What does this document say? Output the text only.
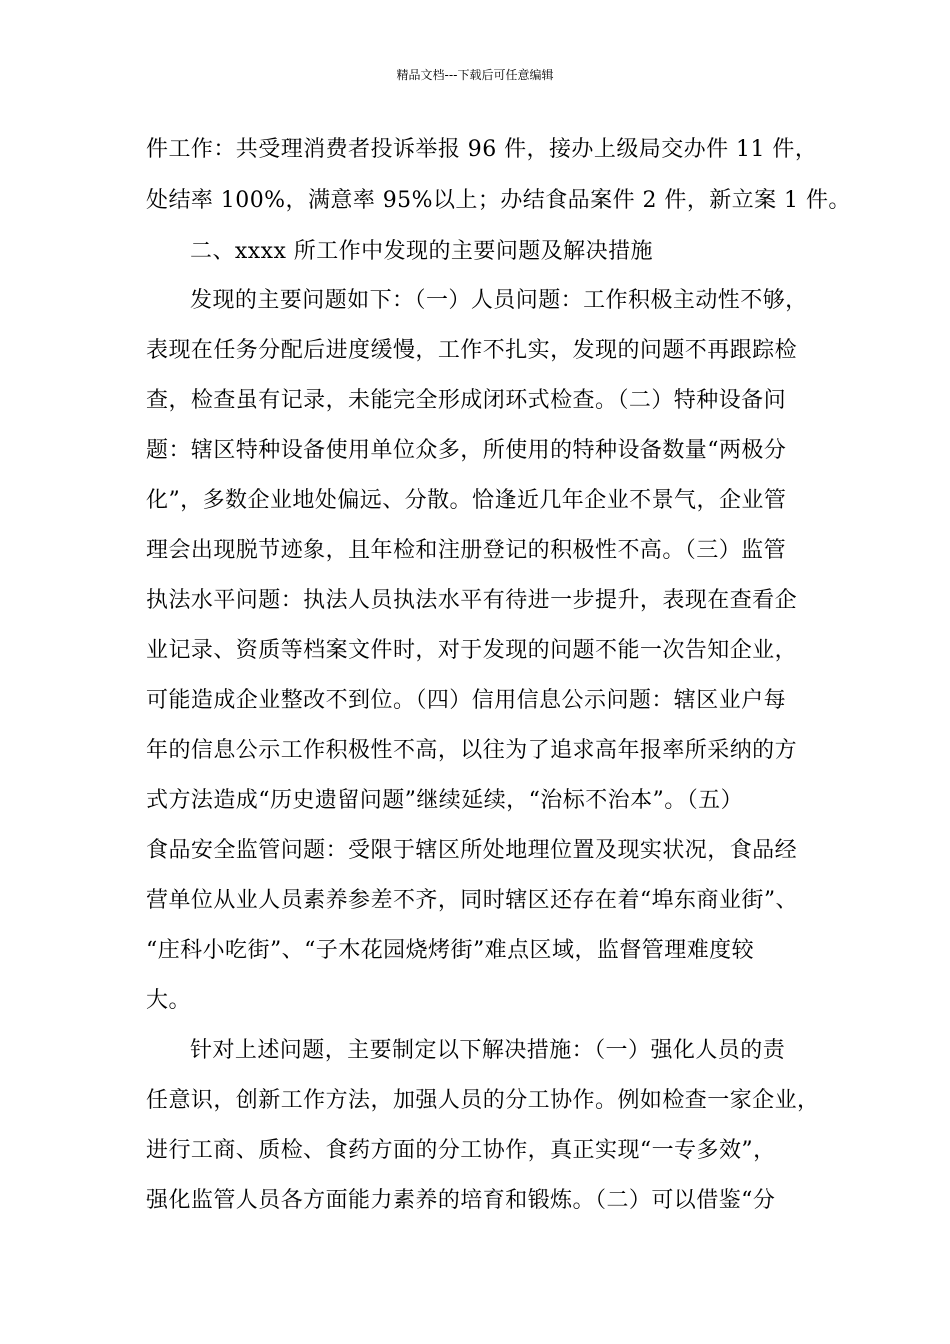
精品文档---下载后可任意编辑
件工作：共受理消费者投诉举报 96 件，接办上级局交办件 11 件，
处结率 100%，满意率 95%以上；办结食品案件 2 件，新立案 1 件。
二、xxxx 所工作中发现的主要问题及解决措施
发现的主要问题如下：（一）人员问题：工作积极主动性不够，
表现在任务分配后进度缓慢，工作不扎实，发现的问题不再跟踪检
查，检查虽有记录，未能完全形成闭环式检查。（二）特种设备问
题：辖区特种设备使用单位众多，所使用的特种设备数量“两极分
化”，多数企业地处偏远、分散。恰逢近几年企业不景气，企业管
理会出现脱节迹象，且年检和注册登记的积极性不高。（三）监管
执法水平问题：执法人员执法水平有待进一步提升，表现在查看企
业记录、资质等档案文件时，对于发现的问题不能一次告知企业，
可能造成企业整改不到位。（四）信用信息公示问题：辖区业户每
年的信息公示工作积极性不高，以往为了追求高年报率所采纳的方
式方法造成“历史遗留问题”继续延续，“治标不治本”。（五）
食品安全监管问题：受限于辖区所处地理位置及现实状况，食品经
营单位从业人员素养参差不齐，同时辖区还存在着“埠东商业街”、
“庄科小吃街”、“子木花园烧烤街”难点区域，监督管理难度较
大。
针对上述问题，主要制定以下解决措施：（一）强化人员的责
任意识，创新工作方法，加强人员的分工协作。例如检查一家企业，
进行工商、质检、食药方面的分工协作，真正实现“一专多效”，
强化监管人员各方面能力素养的培育和锻炼。（二）可以借鉴“分
